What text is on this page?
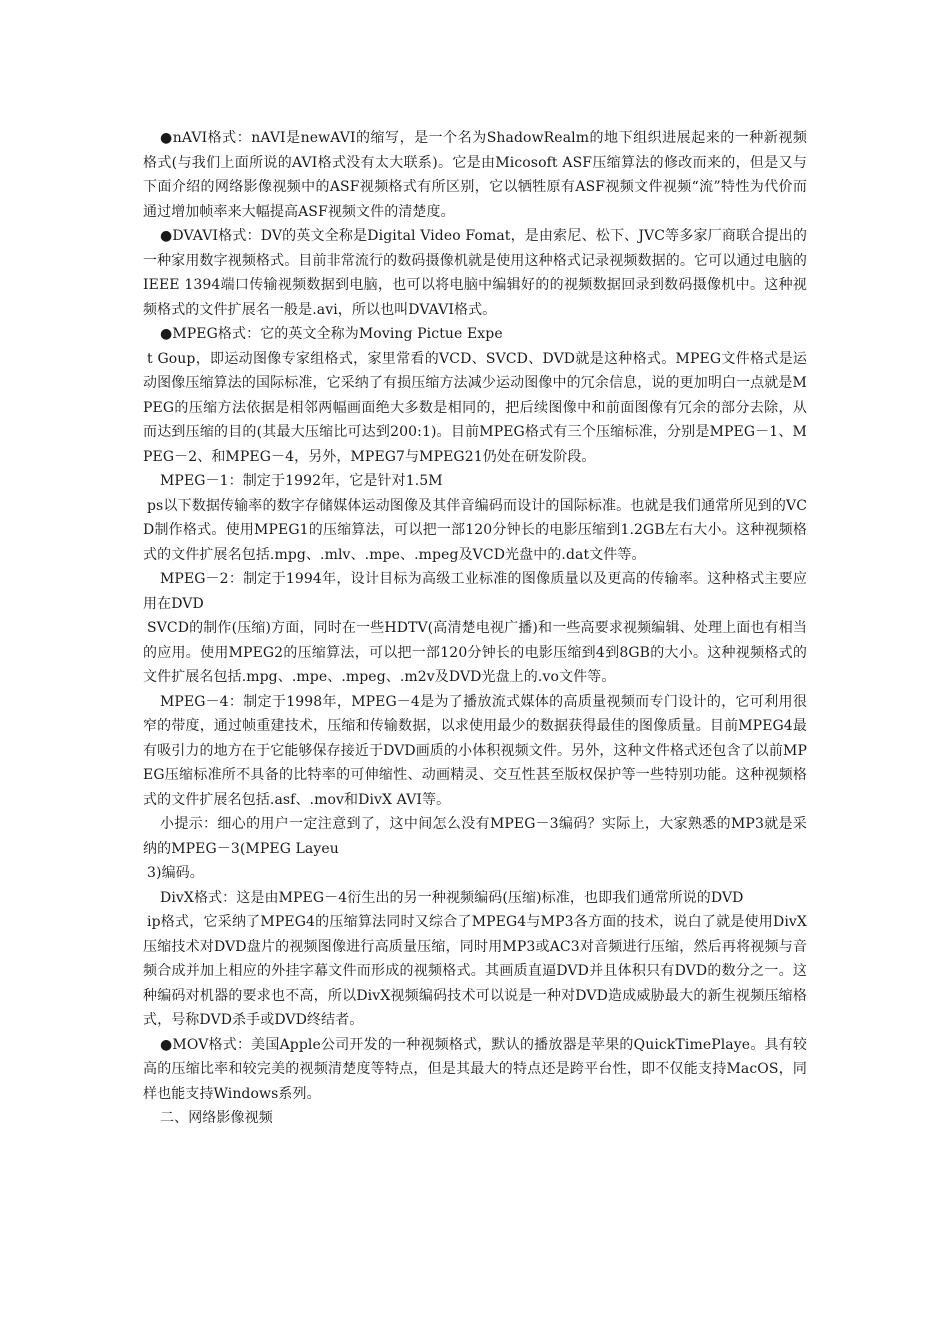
●nAVI格式：nAVI是newAVI的缩写，是一个名为ShadowRealm的地下组织进展起来的一种新视频格式(与我们上面所说的AVI格式没有太大联系)。它是由Micosoft ASF压缩算法的修改而来的，但是又与下面介绍的网络影像视频中的ASF视频格式有所区别，它以牺牲原有ASF视频文件视频“流”特性为代价而通过增加帧率来大幅提高ASF视频文件的清楚度。

●DVAVI格式：DV的英文全称是Digital Video Fomat，是由索尼、松下、JVC等多家厂商联合提出的一种家用数字视频格式。目前非常流行的数码摄像机就是使用这种格式记录视频数据的。它可以通过电脑的IEEE 1394端口传输视频数据到电脑，也可以将电脑中编辑好的的视频数据回录到数码摄像机中。这种视频格式的文件扩展名一般是.avi，所以也叫DVAVI格式。

●MPEG格式：它的英文全称为Moving Pictue Expe

t Goup，即运动图像专家组格式，家里常看的VCD、SVCD、DVD就是这种格式。MPEG文件格式是运动图像压缩算法的国际标准，它采纳了有损压缩方法减少运动图像中的冗余信息，说的更加明白一点就是MPEG的压缩方法依据是相邻两幅画面绝大多数是相同的，把后续图像中和前面图像有冗余的部分去除，从而达到压缩的目的(其最大压缩比可达到200:1)。目前MPEG格式有三个压缩标准，分别是MPEG－1、MPEG－2、和MPEG－4，另外，MPEG7与MPEG21仍处在研发阶段。

MPEG－1：制定于1992年，它是针对1.5M

ps以下数据传输率的数字存储媒体运动图像及其伴音编码而设计的国际标准。也就是我们通常所见到的VCD制作格式。使用MPEG1的压缩算法，可以把一部120分钟长的电影压缩到1.2GB左右大小。这种视频格式的文件扩展名包括.mpg、.mlv、.mpe、.mpeg及VCD光盘中的.dat文件等。

MPEG－2：制定于1994年，设计目标为高级工业标准的图像质量以及更高的传输率。这种格式主要应用在DVD

SVCD的制作(压缩)方面，同时在一些HDTV(高清楚电视广播)和一些高要求视频编辑、处理上面也有相当的应用。使用MPEG2的压缩算法，可以把一部120分钟长的电影压缩到4到8GB的大小。这种视频格式的文件扩展名包括.mpg、.mpe、.mpeg、.m2v及DVD光盘上的.vo文件等。

MPEG－4：制定于1998年，MPEG－4是为了播放流式媒体的高质量视频而专门设计的，它可利用很窄的带度，通过帧重建技术，压缩和传输数据，以求使用最少的数据获得最佳的图像质量。目前MPEG4最有吸引力的地方在于它能够保存接近于DVD画质的小体积视频文件。另外，这种文件格式还包含了以前MPEG压缩标准所不具备的比特率的可伸缩性、动画精灵、交互性甚至版权保护等一些特别功能。这种视频格式的文件扩展名包括.asf、.mov和DivX AVI等。

小提示：细心的用户一定注意到了，这中间怎么没有MPEG－3编码？实际上，大家熟悉的MP3就是采纳的MPEG－3(MPEG Layeu

3)编码。

DivX格式：这是由MPEG－4衍生出的另一种视频编码(压缩)标准，也即我们通常所说的DVD

ip格式，它采纳了MPEG4的压缩算法同时又综合了MPEG4与MP3各方面的技术，说白了就是使用DivX压缩技术对DVD盘片的视频图像进行高质量压缩，同时用MP3或AC3对音频进行压缩，然后再将视频与音频合成并加上相应的外挂字幕文件而形成的视频格式。其画质直逼DVD并且体积只有DVD的数分之一。这种编码对机器的要求也不高，所以DivX视频编码技术可以说是一种对DVD造成威胁最大的新生视频压缩格式，号称DVD杀手或DVD终结者。

●MOV格式：美国Apple公司开发的一种视频格式，默认的播放器是苹果的QuickTimePlaye。具有较高的压缩比率和较完美的视频清楚度等特点，但是其最大的特点还是跨平台性，即不仅能支持MacOS，同样也能支持Windows系列。

二、网络影像视频
